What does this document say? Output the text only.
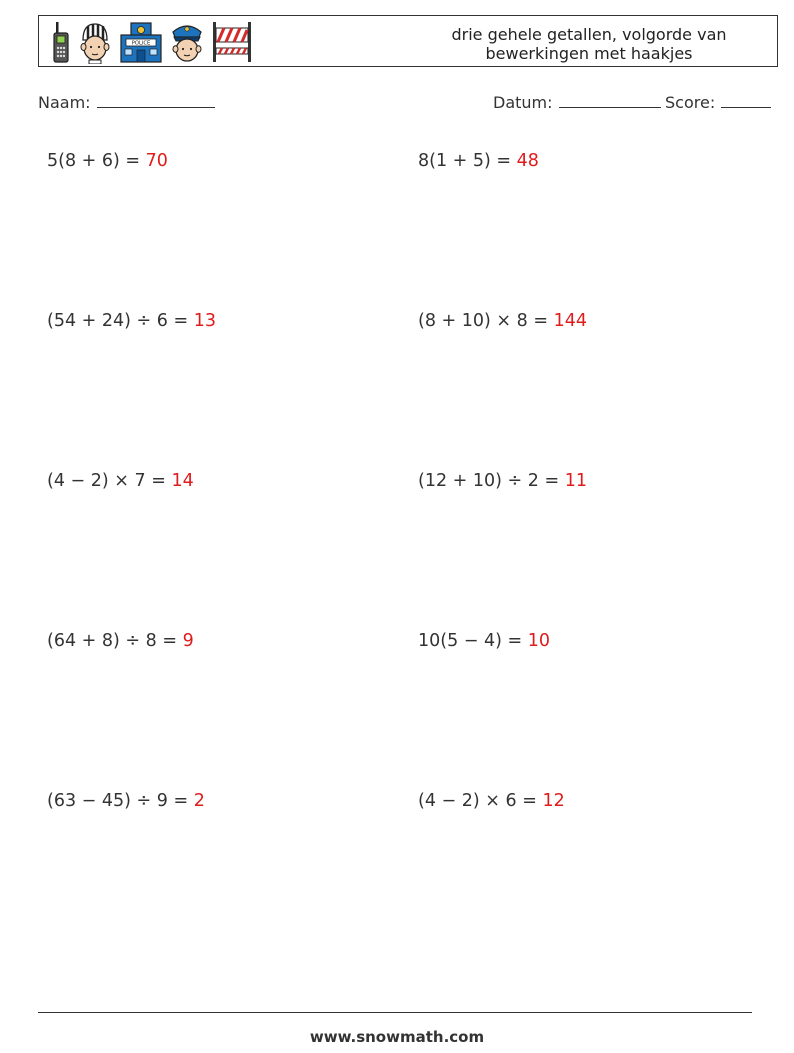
POLICE	drie gehele getallen, volgorde van
bewerkingen met haakjes
Naam:	Datum:	Score:
5(8 + 6) = 70	8(1 + 5) = 48
(54 + 24) ÷ 6 = 13	(8 + 10) × 8 = 144
(4 − 2) × 7 = 14	(12 + 10) ÷ 2 = 11
(64 + 8) ÷ 8 = 9	10(5 − 4) = 10
(63 − 45) ÷ 9 = 2	(4 − 2) × 6 = 12
www.snowmath.com
